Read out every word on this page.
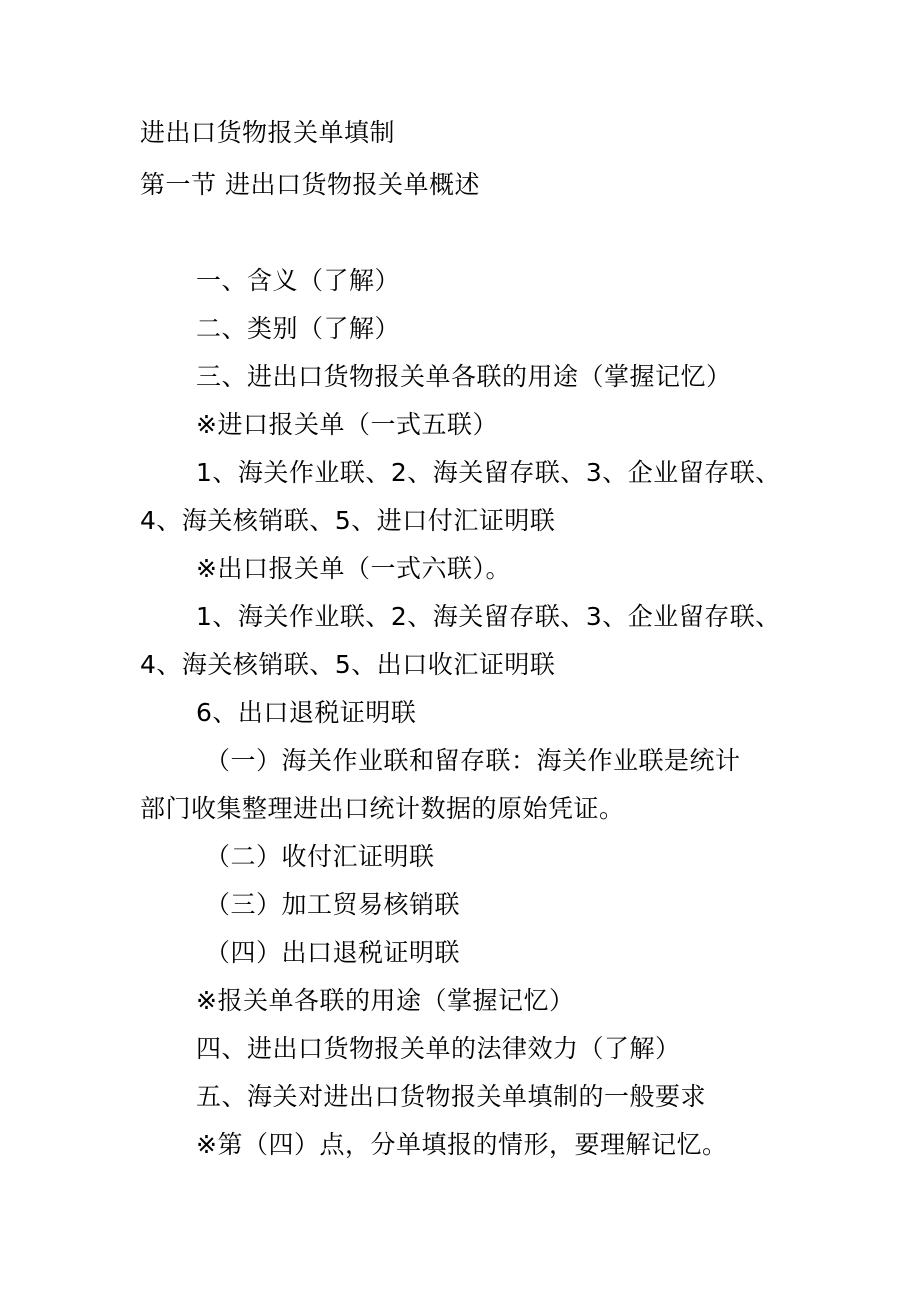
进出口货物报关单填制
第一节 进出口货物报关单概述
一、含义（了解）
二、类别（了解）
三、进出口货物报关单各联的用途（掌握记忆）
※进口报关单（一式五联）
1、海关作业联、2、海关留存联、3、企业留存联、
4、海关核销联、5、进口付汇证明联
※出口报关单（一式六联）。
1、海关作业联、2、海关留存联、3、企业留存联、
4、海关核销联、5、出口收汇证明联
6、出口退税证明联
（一）海关作业联和留存联：海关作业联是统计
部门收集整理进出口统计数据的原始凭证。
（二）收付汇证明联
（三）加工贸易核销联
（四）出口退税证明联
※报关单各联的用途（掌握记忆）
四、进出口货物报关单的法律效力（了解）
五、海关对进出口货物报关单填制的一般要求
※第（四）点，分单填报的情形，要理解记忆。
